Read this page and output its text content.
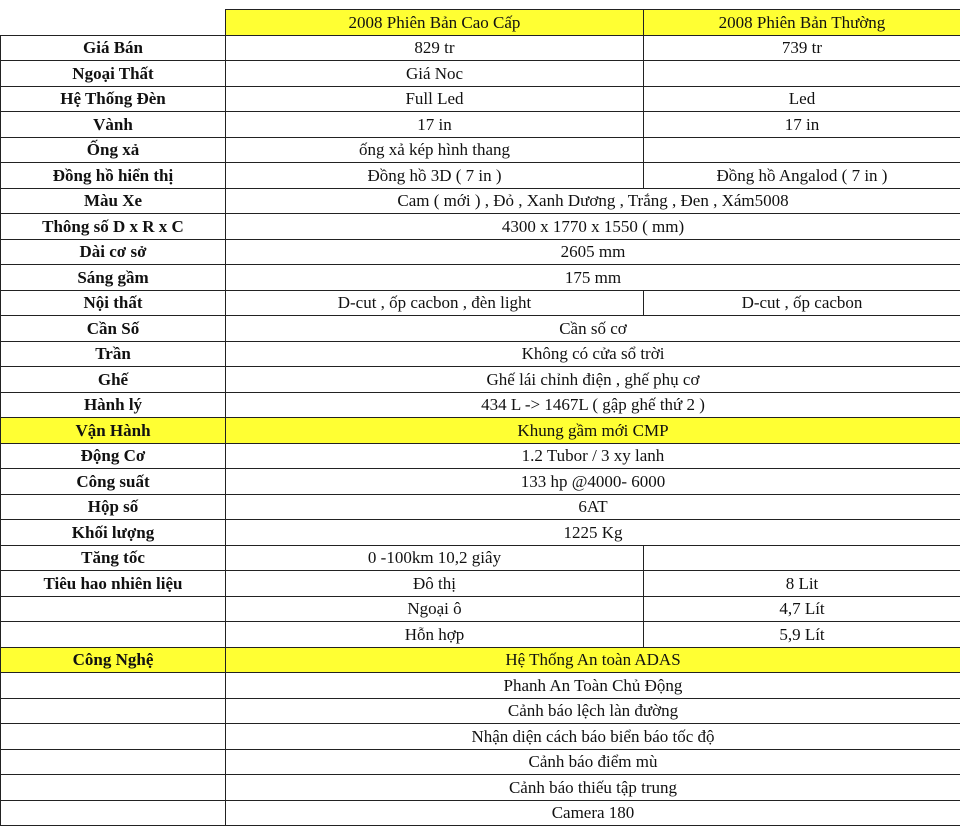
	2008 Phiên Bản Cao Cấp	2008 Phiên Bản Thường
Giá Bán	829 tr	739 tr
Ngoại Thất	Giá Noc	
Hệ Thống Đèn	Full Led	Led
Vành	17 in	17 in
Ống xả	ống xả kép hình thang	
Đồng hồ hiển thị	Đồng hồ 3D ( 7 in )	Đồng hồ Angalod ( 7 in )
Màu Xe	Cam ( mới ) , Đỏ , Xanh Dương , Trắng , Đen , Xám5008	
Thông số D x R x C	4300 x 1770 x 1550 ( mm)	
Dài cơ sở	2605 mm	
Sáng gầm	175 mm	
Nội thất	D-cut , ốp cacbon , đèn light	D-cut , ốp cacbon
Cần Số	Cần số cơ	
Trần	Không có cửa sổ trời	
Ghế	Ghế lái chỉnh điện , ghế phụ cơ	
Hành lý	434 L -> 1467L ( gập ghế thứ 2 )	
Vận Hành	Khung gầm mới CMP	
Động Cơ	1.2 Tubor / 3 xy lanh	
Công suất	133 hp @4000- 6000	
Hộp số	6AT	
Khối lượng	1225 Kg	
Tăng tốc	0 -100km 10,2 giây	
Tiêu hao nhiên liệu	Đô thị	8 Lit
	Ngoại ô	4,7 Lít
	Hỗn hợp	5,9 Lít
Công Nghệ	Hệ Thống An toàn ADAS	
	Phanh An Toàn Chủ Động	
	Cảnh báo lệch làn đường	
	Nhận diện cách báo biển báo tốc độ	
	Cảnh báo điểm mù	
	Cảnh báo thiếu tập trung	
	Camera 180	
